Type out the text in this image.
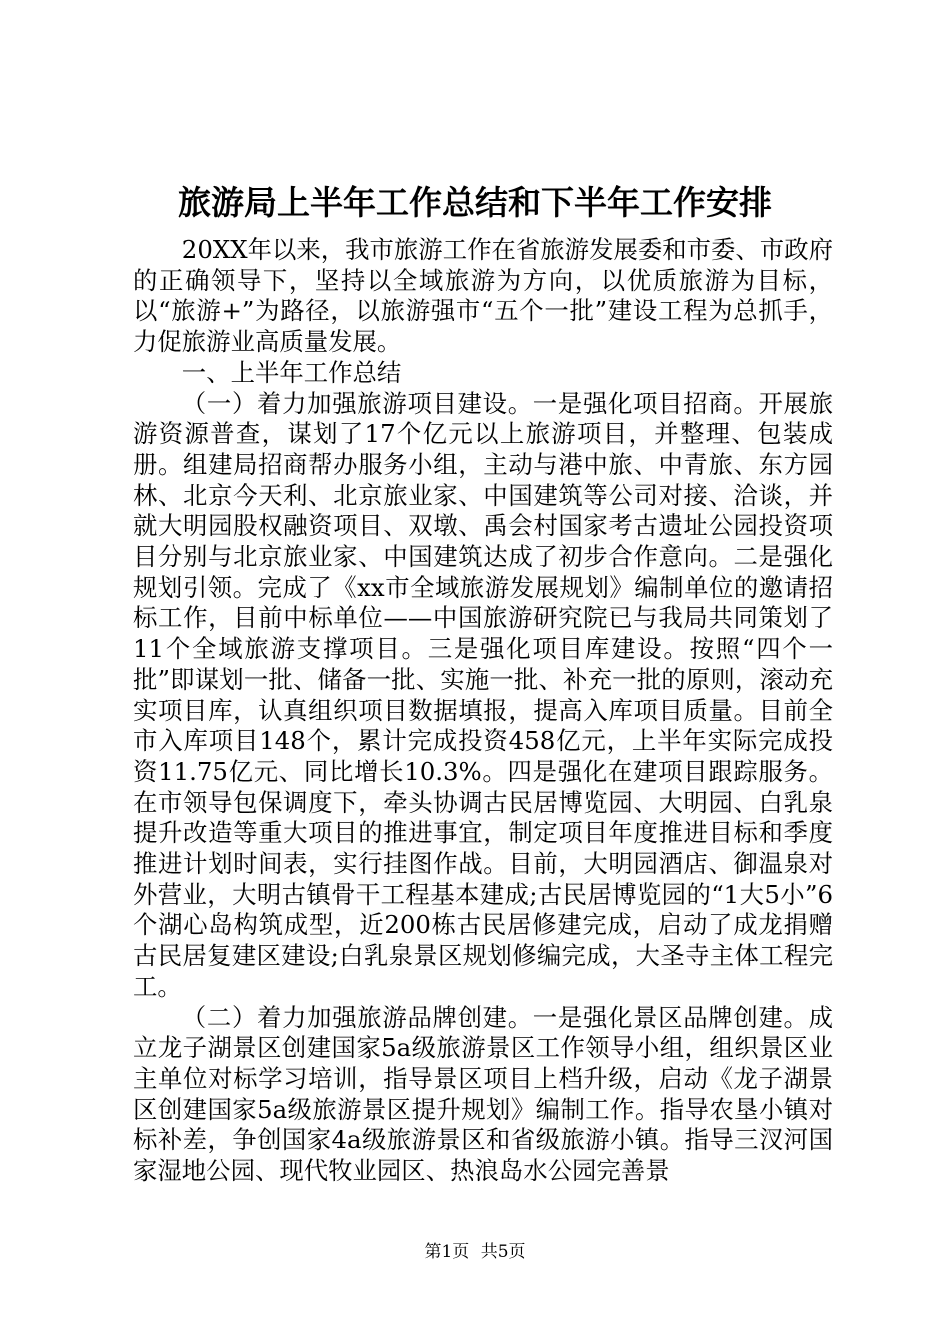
旅游局上半年工作总结和下半年工作安排

20XX年以来，我市旅游工作在省旅游发展委和市委、市政府的正确领导下，坚持以全域旅游为方向，以优质旅游为目标，以“旅游+”为路径，以旅游强市“五个一批”建设工程为总抓手，力促旅游业高质量发展。

一、上半年工作总结

（一）着力加强旅游项目建设。一是强化项目招商。开展旅游资源普查，谋划了17个亿元以上旅游项目，并整理、包装成册。组建局招商帮办服务小组，主动与港中旅、中青旅、东方园林、北京今天利、北京旅业家、中国建筑等公司对接、洽谈，并就大明园股权融资项目、双墩、禹会村国家考古遗址公园投资项目分别与北京旅业家、中国建筑达成了初步合作意向。二是强化规划引领。完成了《xx市全域旅游发展规划》编制单位的邀请招标工作，目前中标单位——中国旅游研究院已与我局共同策划了11个全域旅游支撑项目。三是强化项目库建设。按照“四个一批”即谋划一批、储备一批、实施一批、补充一批的原则，滚动充实项目库，认真组织项目数据填报，提高入库项目质量。目前全市入库项目148个，累计完成投资458亿元，上半年实际完成投资11.75亿元、同比增长10.3%。四是强化在建项目跟踪服务。在市领导包保调度下，牵头协调古民居博览园、大明园、白乳泉提升改造等重大项目的推进事宜，制定项目年度推进目标和季度推进计划时间表，实行挂图作战。目前，大明园酒店、御温泉对外营业，大明古镇骨干工程基本建成;古民居博览园的“1大5小”6个湖心岛构筑成型，近200栋古民居修建完成，启动了成龙捐赠古民居复建区建设;白乳泉景区规划修编完成，大圣寺主体工程完工。

（二）着力加强旅游品牌创建。一是强化景区品牌创建。成立龙子湖景区创建国家5a级旅游景区工作领导小组，组织景区业主单位对标学习培训，指导景区项目上档升级，启动《龙子湖景区创建国家5a级旅游景区提升规划》编制工作。指导农垦小镇对标补差，争创国家4a级旅游景区和省级旅游小镇。指导三汊河国家湿地公园、现代牧业园区、热浪岛水公园完善景

第1页 共5页
